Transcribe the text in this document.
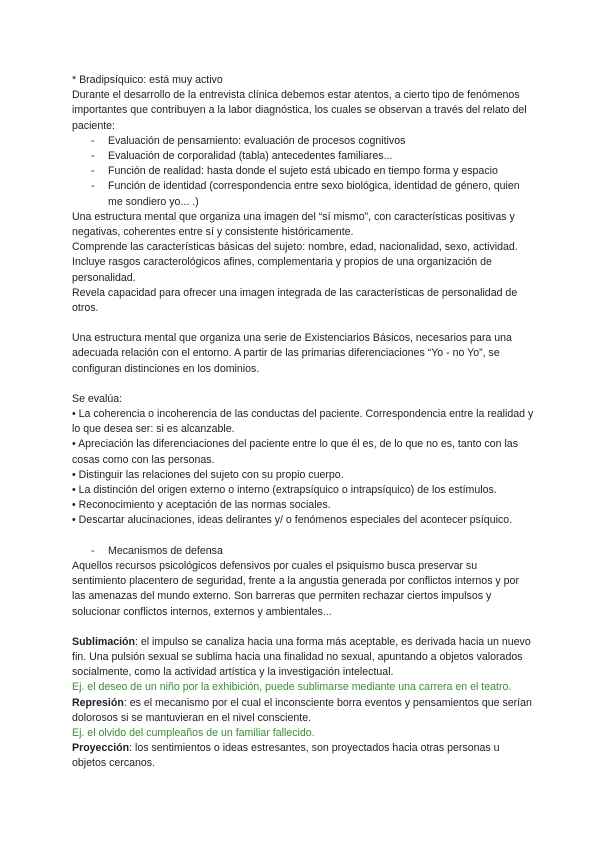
* Bradipsíquico: está muy activo

Durante el desarrollo de la entrevista clínica debemos estar atentos, a cierto tipo de fenómenos importantes que contribuyen a la labor diagnóstica, los cuales se observan a través del relato del paciente:

- Evaluación de pensamiento: evaluación de procesos cognitivos
- Evaluación de corporalidad (tabla) antecedentes familiares...
- Función de realidad: hasta donde el sujeto está ubicado en tiempo forma y espacio
- Función de identidad (correspondencia entre sexo biológica, identidad de género, quien me sondiero yo... .)

Una estructura mental que organiza una imagen del “sí mismo”, con características positivas y negativas, coherentes entre sí y consistente históricamente.

Comprende las características básicas del sujeto: nombre, edad, nacionalidad, sexo, actividad. Incluye rasgos caracterológicos afines, complementaria y propios de una organización de personalidad.

Revela capacidad para ofrecer una imagen integrada de las características de personalidad de otros.

Una estructura mental que organiza una serie de Existenciarios Básicos, necesarios para una adecuada relación con el entorno. A partir de las primarias diferenciaciones “Yo - no Yo”, se configuran distinciones en los dominios.

Se evalúa:

• La coherencia o incoherencia de las conductas del paciente. Correspondencia entre la realidad y lo que desea ser: si es alcanzable.

• Apreciación las diferenciaciones del paciente entre lo que él es, de lo que no es, tanto con las cosas como con las personas.

• Distinguir las relaciones del sujeto con su propio cuerpo.

• La distinción del origen externo o interno (extrapsíquico o intrapsíquico) de los estímulos.

• Reconocimiento y aceptación de las normas sociales.

• Descartar alucinaciones, ideas delirantes y/ o fenómenos especiales del acontecer psíquico.

- Mecanismos de defensa

Aquellos recursos psicológicos defensivos por cuales el psiquismo busca preservar su sentimiento placentero de seguridad, frente a la angustia generada por conflictos internos y por las amenazas del mundo externo. Son barreras que permiten rechazar ciertos impulsos y solucionar conflictos internos, externos y ambientales...

Sublimación: el impulso se canaliza hacia una forma más aceptable, es derivada hacia un nuevo fin. Una pulsión sexual se sublima hacia una finalidad no sexual, apuntando a objetos valorados socialmente, como la actividad artística y la investigación intelectual.

Ej. el deseo de un niño por la exhibición, puede sublimarse mediante una carrera en el teatro.

Represión: es el mecanismo por el cual el inconsciente borra eventos y pensamientos que serían dolorosos si se mantuvieran en el nivel consciente.

Ej. el olvido del cumpleaños de un familiar fallecido.

Proyección: los sentimientos o ideas estresantes, son proyectados hacia otras personas u objetos cercanos.
